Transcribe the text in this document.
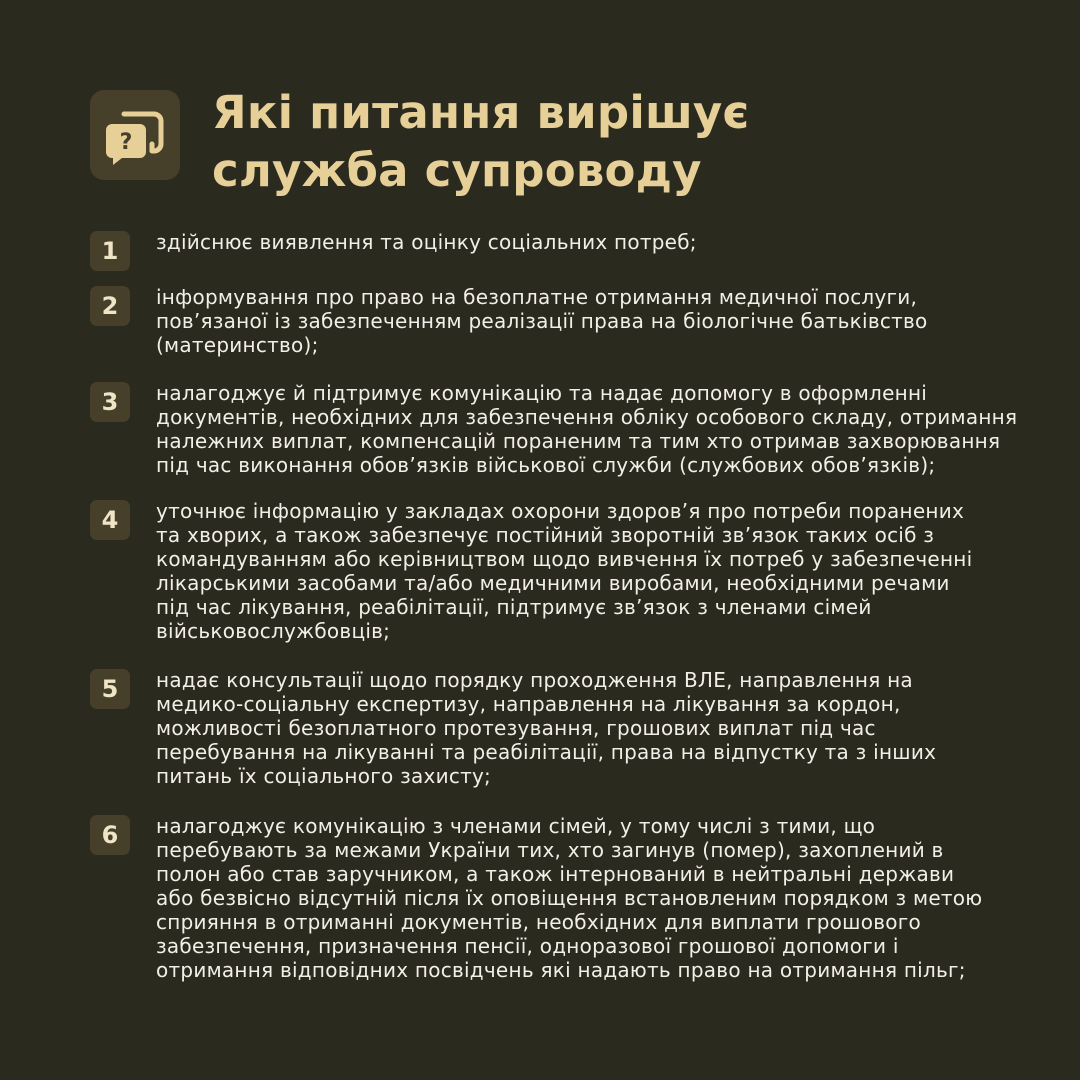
?
Які питання вирішує
служба супроводу
1	здійснює виявлення та оцінку соціальних потреб;

2	інформування про право на безоплатне отримання медичної послуги,
пов’язаної із забезпеченням реалізації права на біологічне батьківство
(материнство);

3	налагоджує й підтримує комунікацію та надає допомогу в оформленні
документів, необхідних для забезпечення обліку особового складу, отримання
належних виплат, компенсацій пораненим та тим хто отримав захворювання
під час виконання обов’язків військової служби (службових обов’язків);

4	уточнює інформацію у закладах охорони здоров’я про потреби поранених
та хворих, а також забезпечує постійний зворотній зв’язок таких осіб з
командуванням або керівництвом щодо вивчення їх потреб у забезпеченні
лікарськими засобами та/або медичними виробами, необхідними речами
під час лікування, реабілітації, підтримує зв’язок з членами сімей
військовослужбовців;

5	надає консультації щодо порядку проходження ВЛЕ, направлення на
медико-соціальну експертизу, направлення на лікування за кордон,
можливості безоплатного протезування, грошових виплат під час
перебування на лікуванні та реабілітації, права на відпустку та з інших
питань їх соціального захисту;

6	налагоджує комунікацію з членами сімей, у тому числі з тими, що
перебувають за межами України тих, хто загинув (помер), захоплений в
полон або став заручником, а також інтернований в нейтральні держави
або безвісно відсутній після їх оповіщення встановленим порядком з метою
сприяння в отриманні документів, необхідних для виплати грошового
забезпечення, призначення пенсії, одноразової грошової допомоги і
отримання відповідних посвідчень які надають право на отримання пільг;
